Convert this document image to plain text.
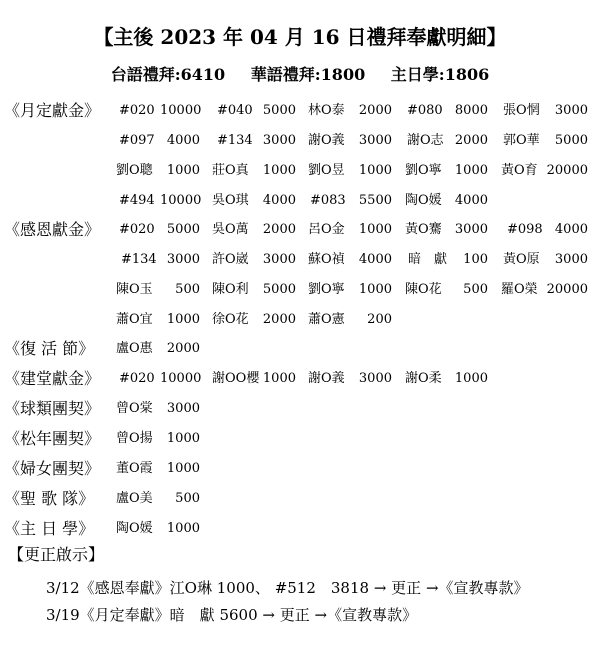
【主後 2023 年 04 月 16 日禮拜奉獻明細】
台語禮拜:6410 華語禮拜:1800 主日學:1806
《月定獻金》 #020 10000 #040 5000 林O泰	2000 #080 8000 張O惘	3000
#097 4000 #134 3000 謝O義	3000 謝O志 2000 郭O華	5000
劉O聰	1000 莊O真	1000 劉O昱	1000 劉O寧	1000 黃O育 20000
#494 10000 吳O琪	4000 #083	5500 陶O媛	4000
《感恩獻金》 #020 5000 吳O萬	2000 呂O金	1000 黃O騫	3000 #098 4000
#134 3000 許O崴	3000 蘇O禎	4000 暗　獻	100 黃O原	3000
陳O玉	500 陳O利	5000 劉O寧	1000 陳O花	500 羅O榮 20000
蕭O宜	1000 徐O花	2000 蕭O憲	200
《復 活 節》 盧O惠	2000
《建堂獻金》 #020 10000 謝OO櫻 1000 謝O義	3000 謝O柔	1000
《球類團契》 曾O棠	3000
《松年團契》 曾O揚	1000
《婦女團契》 董O霞	1000
《聖 歌 隊》 盧O美	500
《主 日 學》 陶O媛	1000
【更正啟示】
3/12《感恩奉獻》江O琳 1000、 #512　3818 → 更正 →《宣教專款》
3/19《月定奉獻》暗　獻 5600 → 更正 →《宣教專款》
